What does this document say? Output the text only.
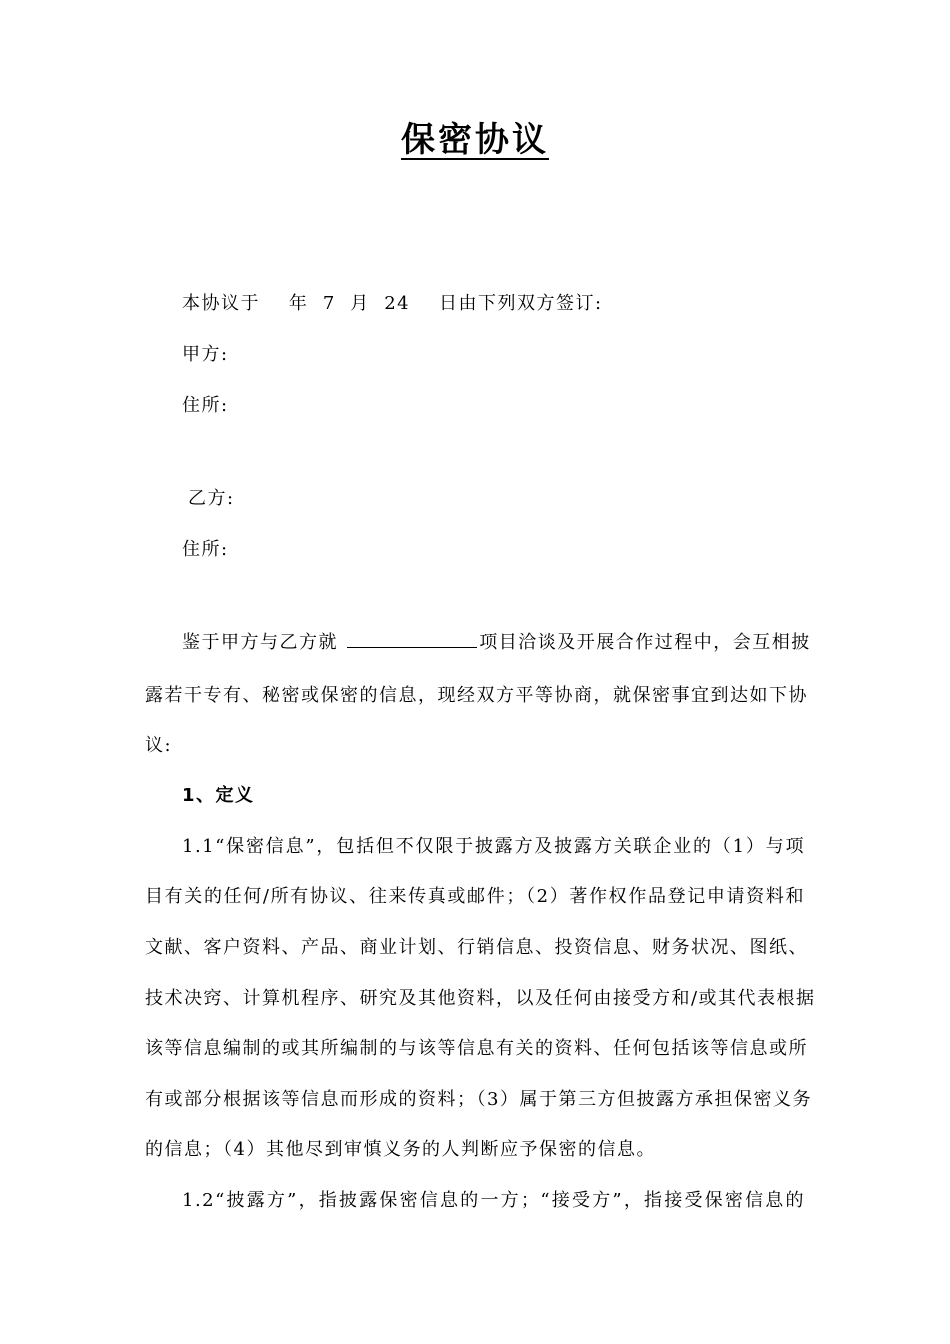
保密协议
本协议于 年 7 月 24 日由下列双方签订:
甲方:
住所:
乙方:
住所:
鉴于甲方与乙方就	项目洽谈及开展合作过程中，会互相披
露若干专有、秘密或保密的信息，现经双方平等协商，就保密事宜到达如下协
议:
1、定义
1.1“保密信息”，包括但不仅限于披露方及披露方关联企业的（1）与项
目有关的任何/所有协议、往来传真或邮件；（2）著作权作品登记申请资料和
文献、客户资料、产品、商业计划、行销信息、投资信息、财务状况、图纸、
技术决窍、计算机程序、研究及其他资料，以及任何由接受方和/或其代表根据
该等信息编制的或其所编制的与该等信息有关的资料、任何包括该等信息或所
有或部分根据该等信息而形成的资料；（3）属于第三方但披露方承担保密义务
的信息；（4）其他尽到审慎义务的人判断应予保密的信息。
1.2“披露方”，指披露保密信息的一方；“接受方”，指接受保密信息的
